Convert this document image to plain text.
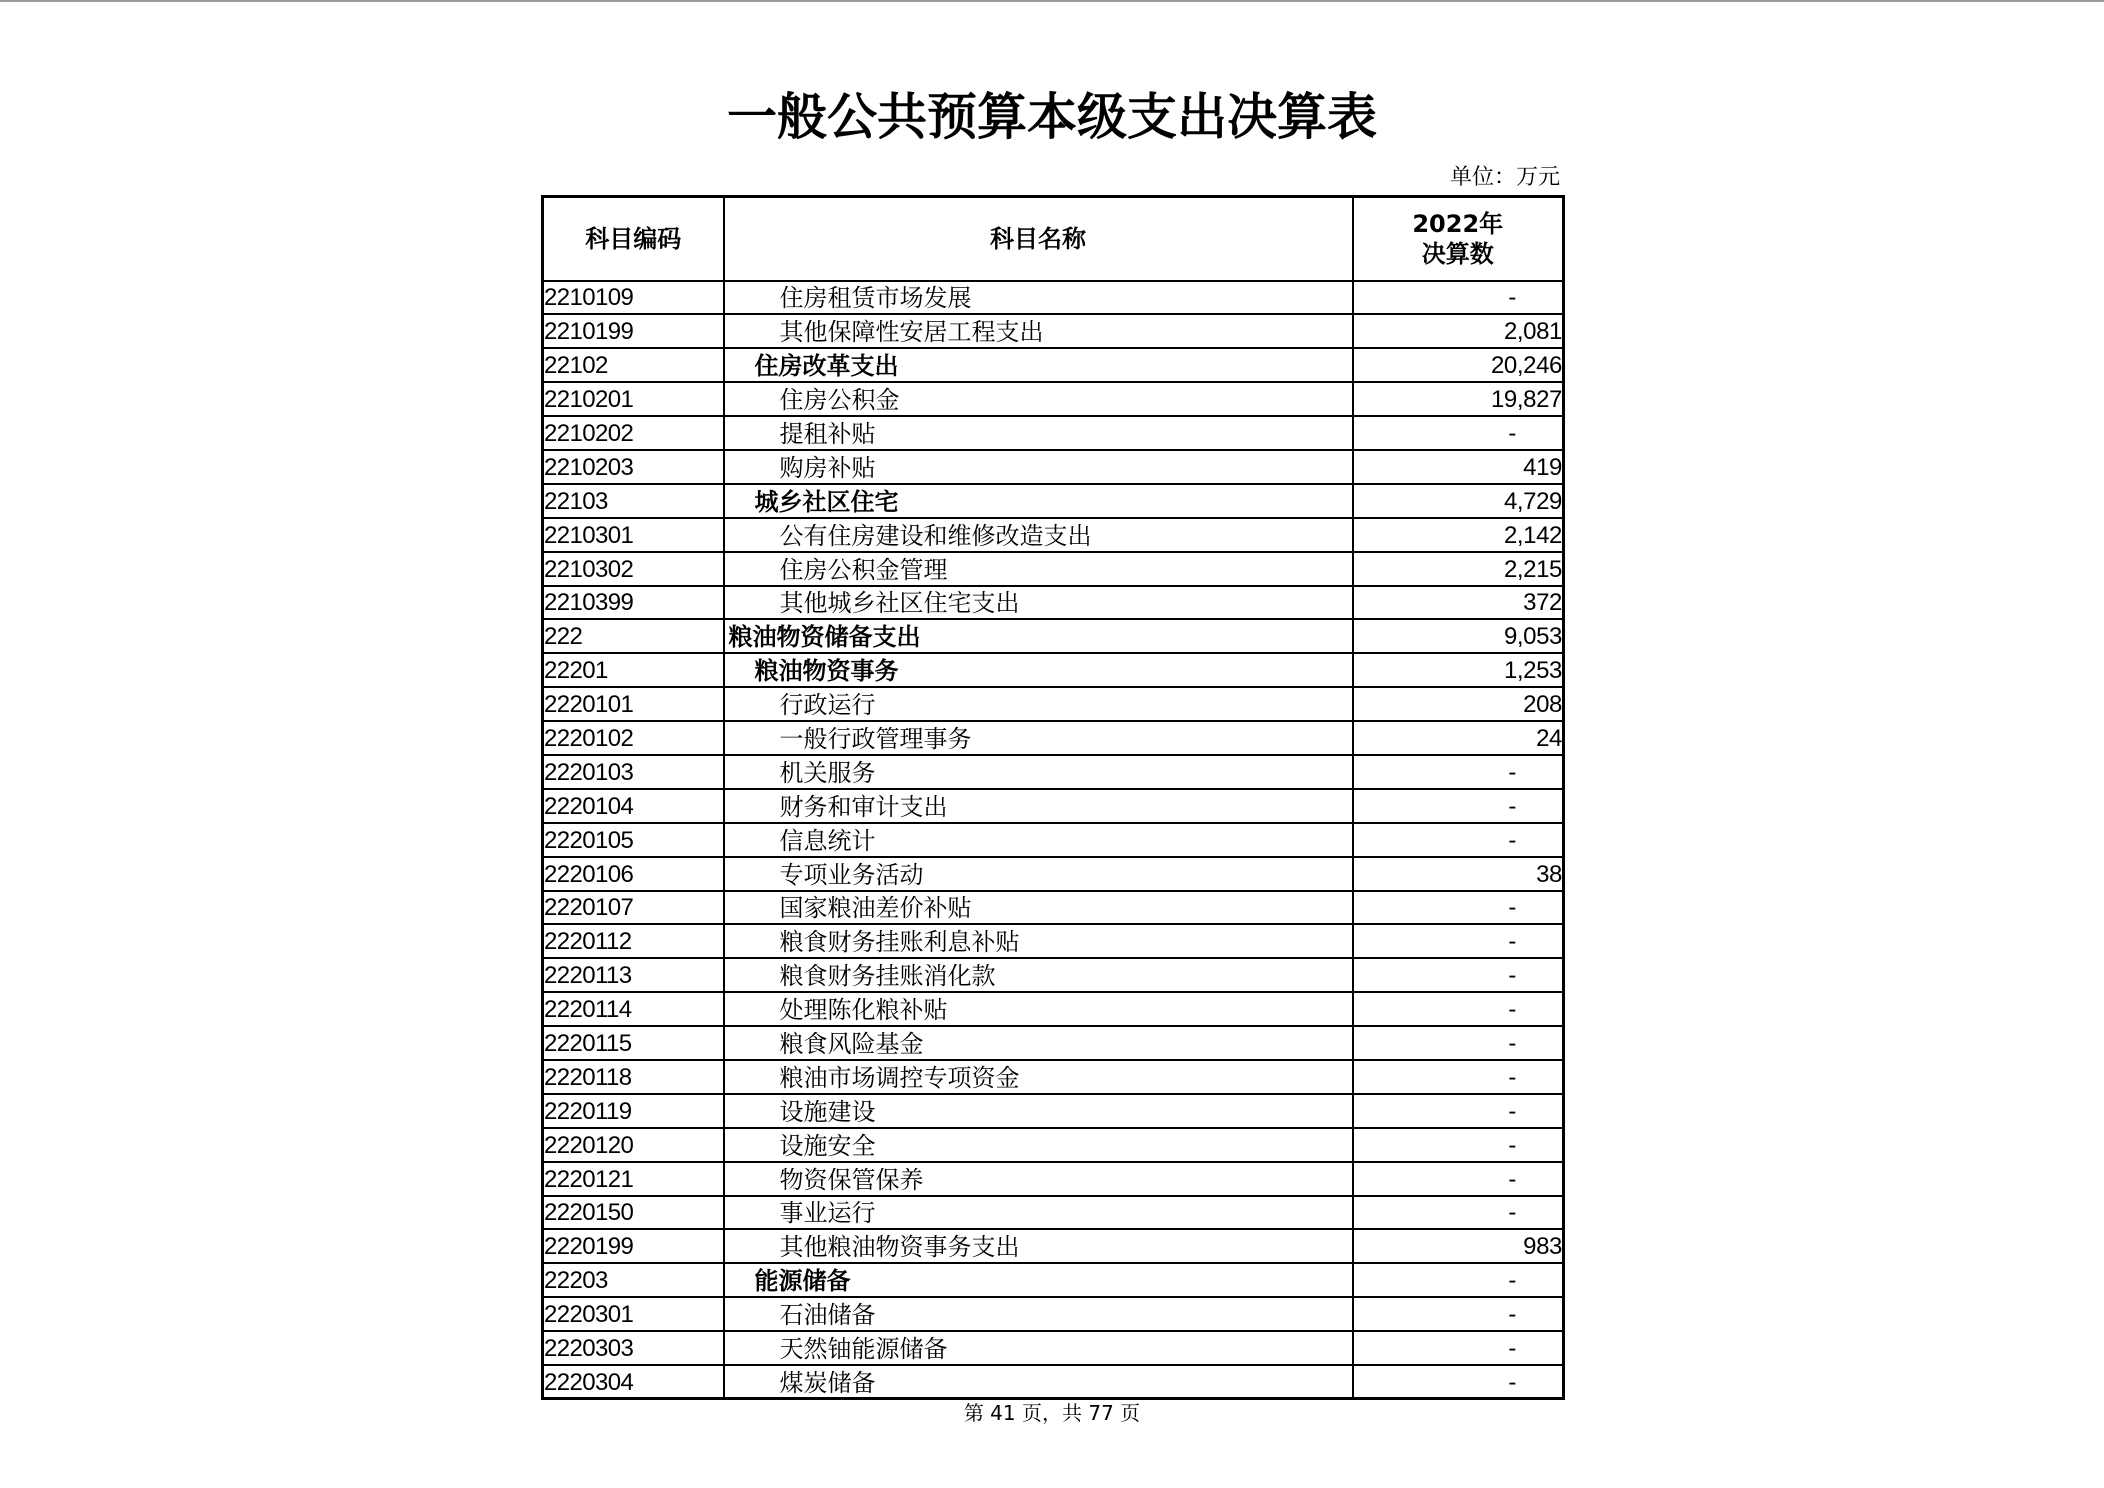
一般公共预算本级支出决算表
单位：万元
科目编码	科目名称	2022年
决算数
2210109	住房租赁市场发展	-
2210199	其他保障性安居工程支出	2,081
22102	住房改革支出	20,246
2210201	住房公积金	19,827
2210202	提租补贴	-
2210203	购房补贴	419
22103	城乡社区住宅	4,729
2210301	公有住房建设和维修改造支出	2,142
2210302	住房公积金管理	2,215
2210399	其他城乡社区住宅支出	372
222	粮油物资储备支出	9,053
22201	粮油物资事务	1,253
2220101	行政运行	208
2220102	一般行政管理事务	24
2220103	机关服务	-
2220104	财务和审计支出	-
2220105	信息统计	-
2220106	专项业务活动	38
2220107	国家粮油差价补贴	-
2220112	粮食财务挂账利息补贴	-
2220113	粮食财务挂账消化款	-
2220114	处理陈化粮补贴	-
2220115	粮食风险基金	-
2220118	粮油市场调控专项资金	-
2220119	设施建设	-
2220120	设施安全	-
2220121	物资保管保养	-
2220150	事业运行	-
2220199	其他粮油物资事务支出	983
22203	能源储备	-
2220301	石油储备	-
2220303	天然铀能源储备	-
2220304	煤炭储备	-
第 41 页，共 77 页
